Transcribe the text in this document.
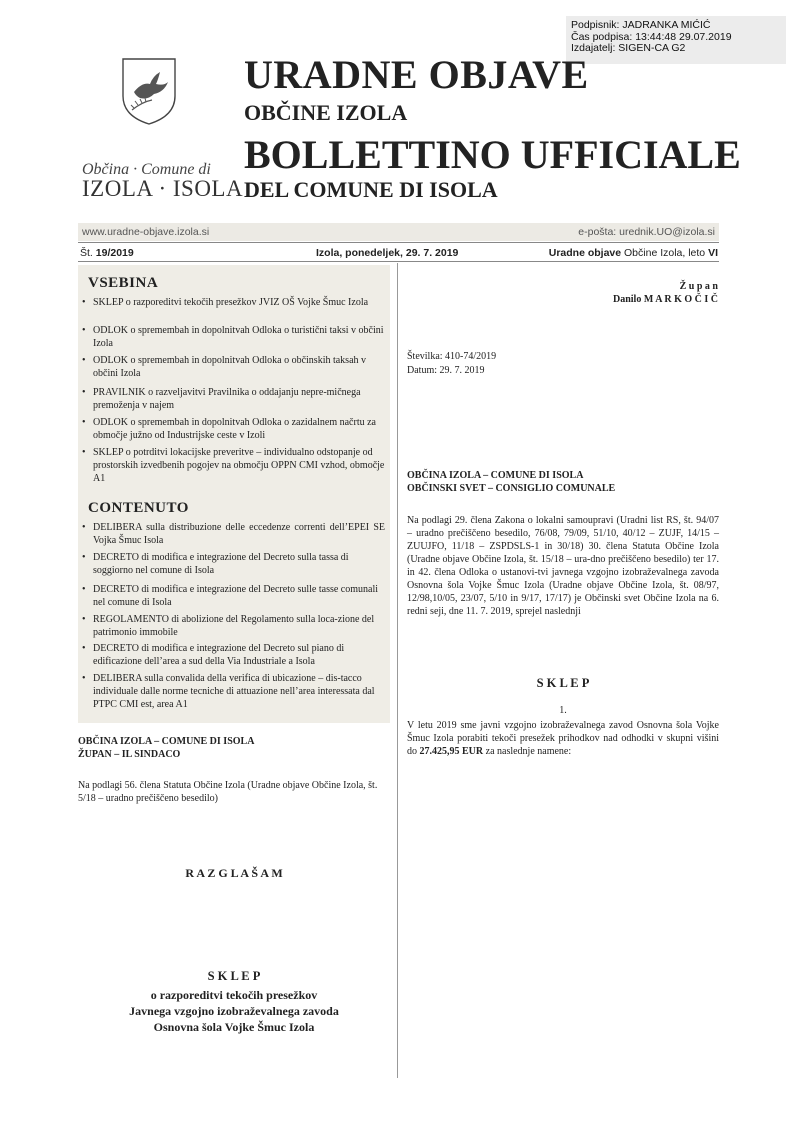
Podpisnik: JADRANKA MIĆIĆ
Čas podpisa: 13:44:48 29.07.2019
Izdajatelj: SIGEN-CA G2
Občina · Comune di
IZOLA · ISOLA
URADNE OBJAVE
OBČINE IZOLA
BOLLETTINO UFFICIALE
DEL COMUNE DI ISOLA
www.uradne-objave.izola.si	e-pošta: urednik.UO@izola.si
Št. 19/2019	Izola, ponedeljek, 29. 7. 2019	Uradne objave Občine Izola, leto VI
VSEBINA
• SKLEP o razporeditvi tekočih presežkov JVIZ OŠ Vojke Šmuc Izola
• ODLOK o spremembah in dopolnitvah Odloka o turistični taksi v občini Izola
• ODLOK o spremembah in dopolnitvah Odloka o občinskih taksah v občini Izola
• PRAVILNIK o razveljavitvi Pravilnika o oddajanju nepre-mičnega premoženja v najem
• ODLOK o spremembah in dopolnitvah Odloka o zazidalnem načrtu za območje južno od Industrijske ceste v Izoli
• SKLEP o potrditvi lokacijske preveritve – individualno odstopanje od prostorskih izvedbenih pogojev na območju OPPN CMI vzhod, območje A1
CONTENUTO
• DELIBERA sulla distribuzione delle eccedenze correnti dell’EPEI SE Vojka Šmuc Isola
• DECRETO di modifica e integrazione del Decreto sulla tassa di soggiorno nel comune di Isola
• DECRETO di modifica e integrazione del Decreto sulle tasse comunali nel comune di Isola
• REGOLAMENTO di abolizione del Regolamento sulla loca-zione del patrimonio immobile
• DECRETO di modifica e integrazione del Decreto sul piano di edificazione dell’area a sud della Via Industriale a Isola
• DELIBERA sulla convalida della verifica di ubicazione – dis-tacco individuale dalle norme tecniche di attuazione nell’area interessata dal PTPC CMI est, area A1
OBČINA IZOLA – COMUNE DI ISOLA
ŽUPAN – IL SINDACO
Na podlagi 56. člena Statuta Občine Izola (Uradne objave Občine Izola, št. 5/18 – uradno prečiščeno besedilo)
R A Z G L A Š A M
S K L E P
o razporeditvi tekočih presežkov
Javnega vzgojno izobraževalnega zavoda
Osnovna šola Vojke Šmuc Izola
Ž u p a n
Danilo M A R K O Č I Č
Številka: 410-74/2019
Datum: 29. 7. 2019
OBČINA IZOLA – COMUNE DI ISOLA
OBČINSKI SVET – CONSIGLIO COMUNALE
Na podlagi 29. člena Zakona o lokalni samoupravi (Uradni list RS, št. 94/07 – uradno prečiščeno besedilo, 76/08, 79/09, 51/10, 40/12 – ZUJF, 14/15 – ZUUJFO, 11/18 – ZSPDSLS-1 in 30/18) 30. člena Statuta Občine Izola (Uradne objave Občine Izola, št. 15/18 – ura-dno prečiščeno besedilo) ter 17. in 42. člena Odloka o ustanovi-tvi javnega vzgojno izobraževalnega zavoda Osnovna šola Vojke Šmuc Izola (Uradne objave Občine Izola, št. 08/97, 12/98,10/05, 23/07, 5/10 in 9/17, 17/17) je Občinski svet Občine Izola na 6. redni seji, dne 11. 7. 2019, sprejel naslednji
S K L E P
1.
V letu 2019 sme javni vzgojno izobraževalnega zavod Osnovna šola Vojke Šmuc Izola porabiti tekoči presežek prihodkov nad odhodki v skupni višini do 27.425,95 EUR za naslednje namene:
